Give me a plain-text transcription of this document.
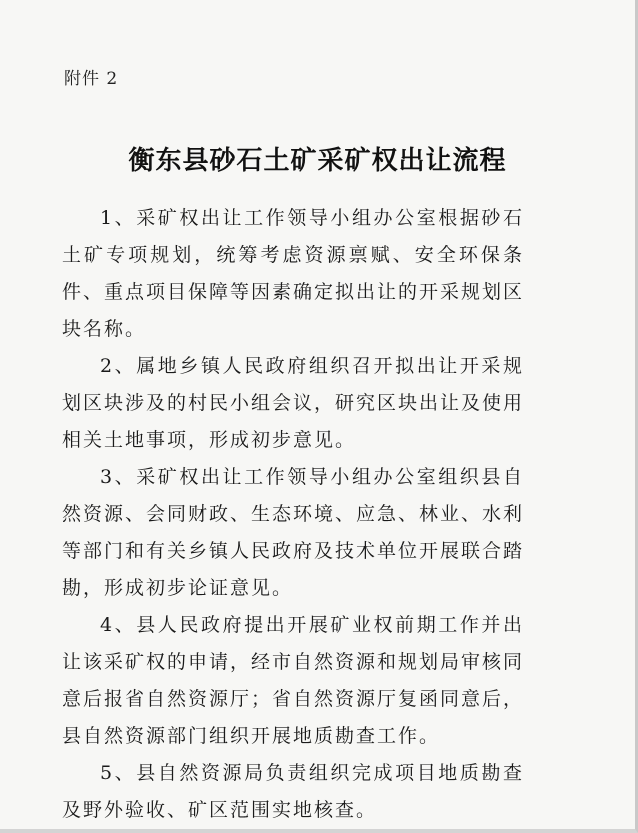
附件 2
衡东县砂石土矿采矿权出让流程

1、采矿权出让工作领导小组办公室根据砂石土矿专项规划，统筹考虑资源禀赋、安全环保条件、重点项目保障等因素确定拟出让的开采规划区块名称。

2、属地乡镇人民政府组织召开拟出让开采规划区块涉及的村民小组会议，研究区块出让及使用相关土地事项，形成初步意见。

3、采矿权出让工作领导小组办公室组织县自然资源、会同财政、生态环境、应急、林业、水利等部门和有关乡镇人民政府及技术单位开展联合踏勘，形成初步论证意见。

4、县人民政府提出开展矿业权前期工作并出让该采矿权的申请，经市自然资源和规划局审核同意后报省自然资源厅；省自然资源厅复函同意后，县自然资源部门组织开展地质勘查工作。

5、县自然资源局负责组织完成项目地质勘查及野外验收、矿区范围实地核查。
